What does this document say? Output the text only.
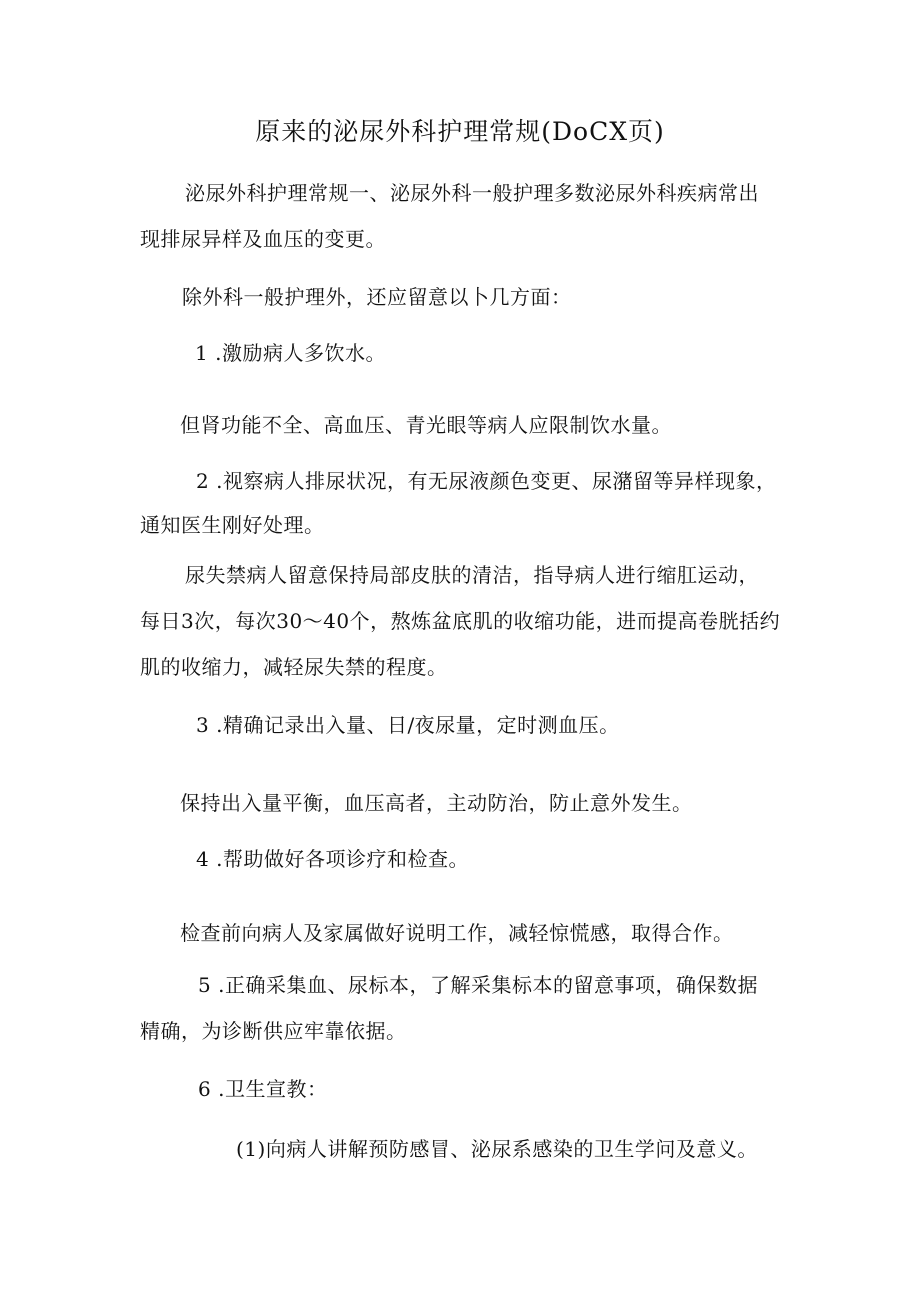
原来的泌尿外科护理常规(DoCX页)
泌尿外科护理常规一、泌尿外科一般护理多数泌尿外科疾病常出
现排尿异样及血压的变更。
除外科一般护理外，还应留意以卜几方面：
1 .激励病人多饮水。
但肾功能不全、高血压、青光眼等病人应限制饮水量。
2 .视察病人排尿状况，有无尿液颜色变更、尿潴留等异样现象，
通知医生刚好处理。
尿失禁病人留意保持局部皮肤的清洁，指导病人进行缩肛运动，
每日3次，每次30～40个，熬炼盆底肌的收缩功能，进而提高卷胱括约
肌的收缩力，减轻尿失禁的程度。
3 .精确记录出入量、日/夜尿量，定时测血压。
保持出入量平衡，血压高者，主动防治，防止意外发生。
4 .帮助做好各项诊疗和检查。
检查前向病人及家属做好说明工作，减轻惊慌感，取得合作。
5 .正确采集血、尿标本，了解采集标本的留意事项，确保数据
精确，为诊断供应牢靠依据。
6 .卫生宣教：
(1)向病人讲解预防感冒、泌尿系感染的卫生学问及意义。
